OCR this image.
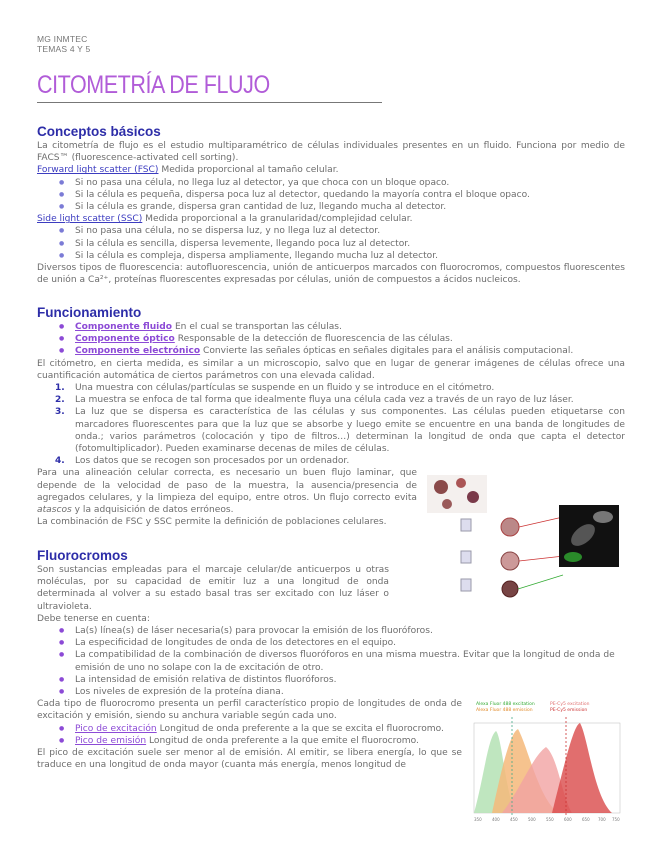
MG INMTEC
TEMAS 4 Y 5
CITOMETRÍA DE FLUJO
Conceptos básicos

La citometría de flujo es el estudio multiparamétrico de células individuales presentes en un fluido. Funciona por medio de FACS™ (fluorescence-activated cell sorting).

Forward light scatter (FSC) Medida proporcional al tamaño celular.

● Si no pasa una célula, no llega luz al detector, ya que choca con un bloque opaco.
● Si la célula es pequeña, dispersa poca luz al detector, quedando la mayoría contra el bloque opaco.
● Si la célula es grande, dispersa gran cantidad de luz, llegando mucha al detector.

Side light scatter (SSC) Medida proporcional a la granularidad/complejidad celular.

● Si no pasa una célula, no se dispersa luz, y no llega luz al detector.
● Si la célula es sencilla, dispersa levemente, llegando poca luz al detector.
● Si la célula es compleja, dispersa ampliamente, llegando mucha luz al detector.

Diversos tipos de fluorescencia: autofluorescencia, unión de anticuerpos marcados con fluorocromos, compuestos fluorescentes de unión a Ca²⁺, proteínas fluorescentes expresadas por células, unión de compuestos a ácidos nucleicos.

Funcionamiento
● Componente fluido En el cual se transportan las células.
● Componente óptico Responsable de la detección de fluorescencia de las células.
● Componente electrónico Convierte las señales ópticas en señales digitales para el análisis computacional.

El citómetro, en cierta medida, es similar a un microscopio, salvo que en lugar de generar imágenes de células ofrece una cuantificación automática de ciertos parámetros con una elevada calidad.

1. Una muestra con células/partículas se suspende en un fluido y se introduce en el citómetro.
2. La muestra se enfoca de tal forma que idealmente fluya una célula cada vez a través de un rayo de luz láser.
3. La luz que se dispersa es característica de las células y sus componentes. Las células pueden etiquetarse con marcadores fluorescentes para que la luz que se absorbe y luego emite se encuentre en una banda de longitudes de onda.; varios parámetros (colocación y tipo de filtros…) determinan la longitud de onda que capta el detector (fotomultiplicador). Pueden examinarse decenas de miles de células.
4. Los datos que se recogen son procesados por un ordenador.

Para una alineación celular correcta, es necesario un buen flujo laminar, que depende de la velocidad de paso de la muestra, la ausencia/presencia de agregados celulares, y la limpieza del equipo, entre otros. Un flujo correcto evita atascos y la adquisición de datos erróneos.

La combinación de FSC y SSC permite la definición de poblaciones celulares.

Fluorocromos

Son sustancias empleadas para el marcaje celular/de anticuerpos u otras moléculas, por su capacidad de emitir luz a una longitud de onda determinada al volver a su estado basal tras ser excitado con luz láser o ultravioleta.

Debe tenerse en cuenta:

● La(s) línea(s) de láser necesaria(s) para provocar la emisión de los fluoróforos.
● La especificidad de longitudes de onda de los detectores en el equipo.
● La compatibilidad de la combinación de diversos fluoróforos en una misma muestra. Evitar que la longitud de onda de emisión de uno no solape con la de excitación de otro.
● La intensidad de emisión relativa de distintos fluoróforos.
● Los niveles de expresión de la proteína diana.

Cada tipo de fluorocromo presenta un perfil característico propio de longitudes de onda de excitación y emisión, siendo su anchura variable según cada uno.

● Pico de excitación Longitud de onda preferente a la que se excita el fluorocromo.
● Pico de emisión Longitud de onda preferente a la que emite el fluorocromo.

El pico de excitación suele ser menor al de emisión. Al emitir, se libera energía, lo que se traduce en una longitud de onda mayor (cuanta más energía, menos longitud de

Alexa Fluor 488 excitation
Alexa Fluor 488 emission
PE-Cy5 excitation
PE-Cy5 emission
350	400	450	500	550	600	650 700 750
